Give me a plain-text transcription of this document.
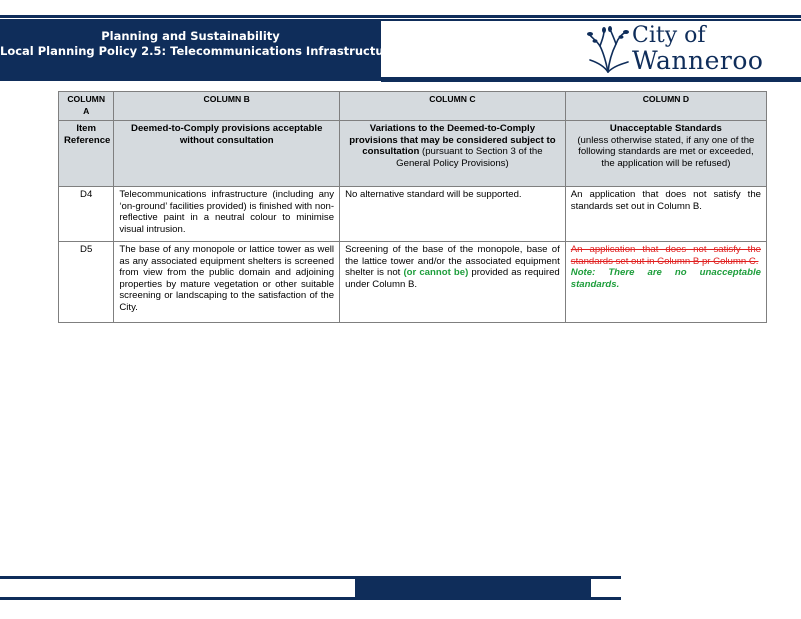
Planning and Sustainability
Local Planning Policy 2.5: Telecommunications Infrastructure
City of
Wanneroo
COLUMN A	COLUMN B	COLUMN C	COLUMN D
Item Reference	Deemed-to-Comply provisions acceptable without consultation	Variations to the Deemed-to-Comply provisions that may be considered subject to consultation (pursuant to Section 3 of the General Policy Provisions)	Unacceptable Standards
(unless otherwise stated, if any one of the following standards are met or exceeded, the application will be refused)
D4	Telecommunications infrastructure (including any ‘on-ground’ facilities provided) is finished with non-reflective paint in a neutral colour to minimise visual intrusion.	No alternative standard will be supported.	An application that does not satisfy the standards set out in Column B.
D5	The base of any monopole or lattice tower as well as any associated equipment shelters is screened from view from the public domain and adjoining properties by mature vegetation or other suitable screening or landscaping to the satisfaction of the City.	Screening of the base of the monopole, base of the lattice tower and/or the associated equipment shelter is not (or cannot be) provided as required under Column B.	An application that does not satisfy the standards set out in Column B pr Column C.
Note: There are no unacceptable standards.
